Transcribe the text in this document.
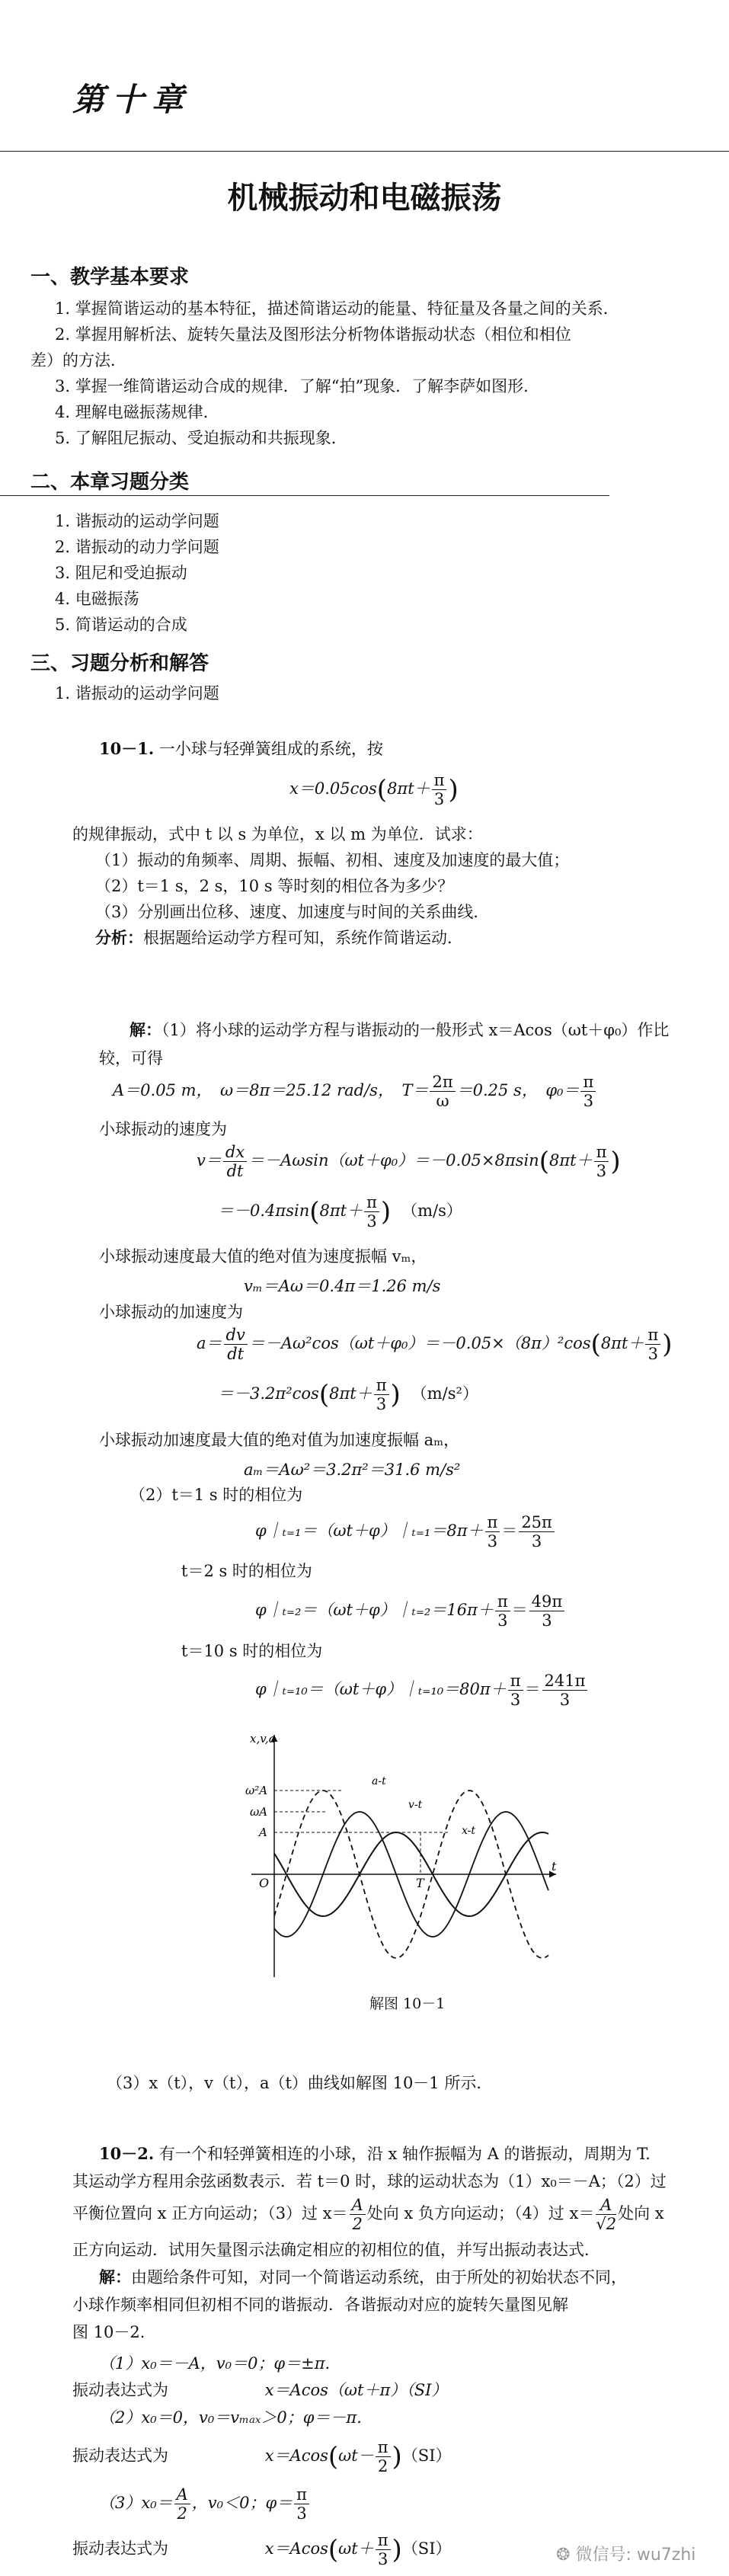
第十章
机械振动和电磁振荡
一、教学基本要求
1. 掌握简谐运动的基本特征，描述简谐运动的能量、特征量及各量之间的关系．
2. 掌握用解析法、旋转矢量法及图形法分析物体谐振动状态（相位和相位
差）的方法．
3. 掌握一维简谐运动合成的规律．了解“拍”现象．了解李萨如图形．
4. 理解电磁振荡规律．
5. 了解阻尼振动、受迫振动和共振现象．
二、本章习题分类
1. 谐振动的运动学问题
2. 谐振动的动力学问题
3. 阻尼和受迫振动
4. 电磁振荡
5. 简谐运动的合成
三、习题分析和解答
1. 谐振动的运动学问题
10－1. 一小球与轻弹簧组成的系统，按
$x=0.05\cos(8\pi t+ \frac{\pi}{3}$ )
的规律振动，式中 t 以 s 为单位，x 以 m 为单位．试求：
（1）振动的角频率、周期、振幅、初相、速度及加速度的最大值；
（2）t＝1 s，2 s，10 s 等时刻的相位各为多少？
（3）分别画出位移、速度、加速度与时间的关系曲线．
分析：根据题给运动学方程可知，系统作简谐运动．
解：（1）将小球的运动学方程与谐振动的一般形式 x＝Acos（ωt＋φ₀）作比
较，可得
A＝0.05 m，　ω＝8π＝25.12 rad/s，　$T= \frac{2\pi}{\omega} =0.25$ s，　$\varphi_0= \frac{\pi}{3}$
小球振动的速度为
$v= \frac{dx}{dt} =-A\omega\sin(\omega t+\varphi_0)=-0.05\times 8\pi\sin(8\pi t+ \frac{\pi}{3}$ )
$=-0.4\pi\sin(8\pi t+ \frac{\pi}{3}$ ) （m/s）
小球振动速度最大值的绝对值为速度振幅 vₘ，
vₘ＝Aω＝0.4π＝1.26 m/s
小球振动的加速度为
$a= \frac{dv}{dt} =-A\omega^2\cos(\omega t+\varphi_0)=-0.05\times(8\pi)^2\cos(8\pi t+ \frac{\pi}{3}$ )
$=-3.2\pi^2\cos(8\pi t+ \frac{\pi}{3}$ ) （m/s²）
小球振动加速度最大值的绝对值为加速度振幅 aₘ，
aₘ＝Aω²＝3.2π²＝31.6 m/s²
（2）t＝1 s 时的相位为
φ｜ₜ₌₁＝（ωt＋φ）｜ₜ₌₁＝8π＋ $\frac{\pi}{3} = \frac{25\pi}{3}$
t＝2 s 时的相位为
φ｜ₜ₌₂＝（ωt＋φ）｜ₜ₌₂＝16π＋ $\frac{\pi}{3} = \frac{49\pi}{3}$
t＝10 s 时的相位为
φ｜ₜ₌₁₀＝（ωt＋φ）｜ₜ₌₁₀＝80π＋ $\frac{\pi}{3} = \frac{241\pi}{3}$
x,v,a
ω²A
ωA
A
O
t
T
a-t
v-t
x-t
解图 10－1
（3）x（t），v（t），a（t）曲线如解图 10－1 所示．
10－2. 有一个和轻弹簧相连的小球，沿 x 轴作振幅为 A 的谐振动，周期为 T.
其运动学方程用余弦函数表示．若 t＝0 时，球的运动状态为（1）x₀＝－A；（2）过
平衡位置向 x 正方向运动；（3）过 $x= \frac{A}{2}$ 处向 x 负方向运动；（4）过 $x= \frac{A}{√2}$ 处向 x
正方向运动．试用矢量图示法确定相应的初相位的值，并写出振动表达式．
解：由题给条件可知，对同一个简谐运动系统，由于所处的初始状态不同，
小球作频率相同但初相不同的谐振动．各谐振动对应的旋转矢量图见解
图 10－2.
（1）x₀＝－A，v₀＝0；φ＝±π.
振动表达式为	x＝Acos（ωt＋π）（SI）
（2）x₀＝0，v₀＝vₘₐₓ＞0；φ＝－π.
振动表达式为	$x=Acos(\omega t- \frac{\pi}{2} )(SI)$
$(3)x_0= \frac{A}{2}$ ，v₀＜0；$\varphi= \frac{\pi}{3}$
振动表达式为	$x=Acos(\omega t+ \frac{\pi}{3} )(SI)$	❂ 微信号: wu7zhi
